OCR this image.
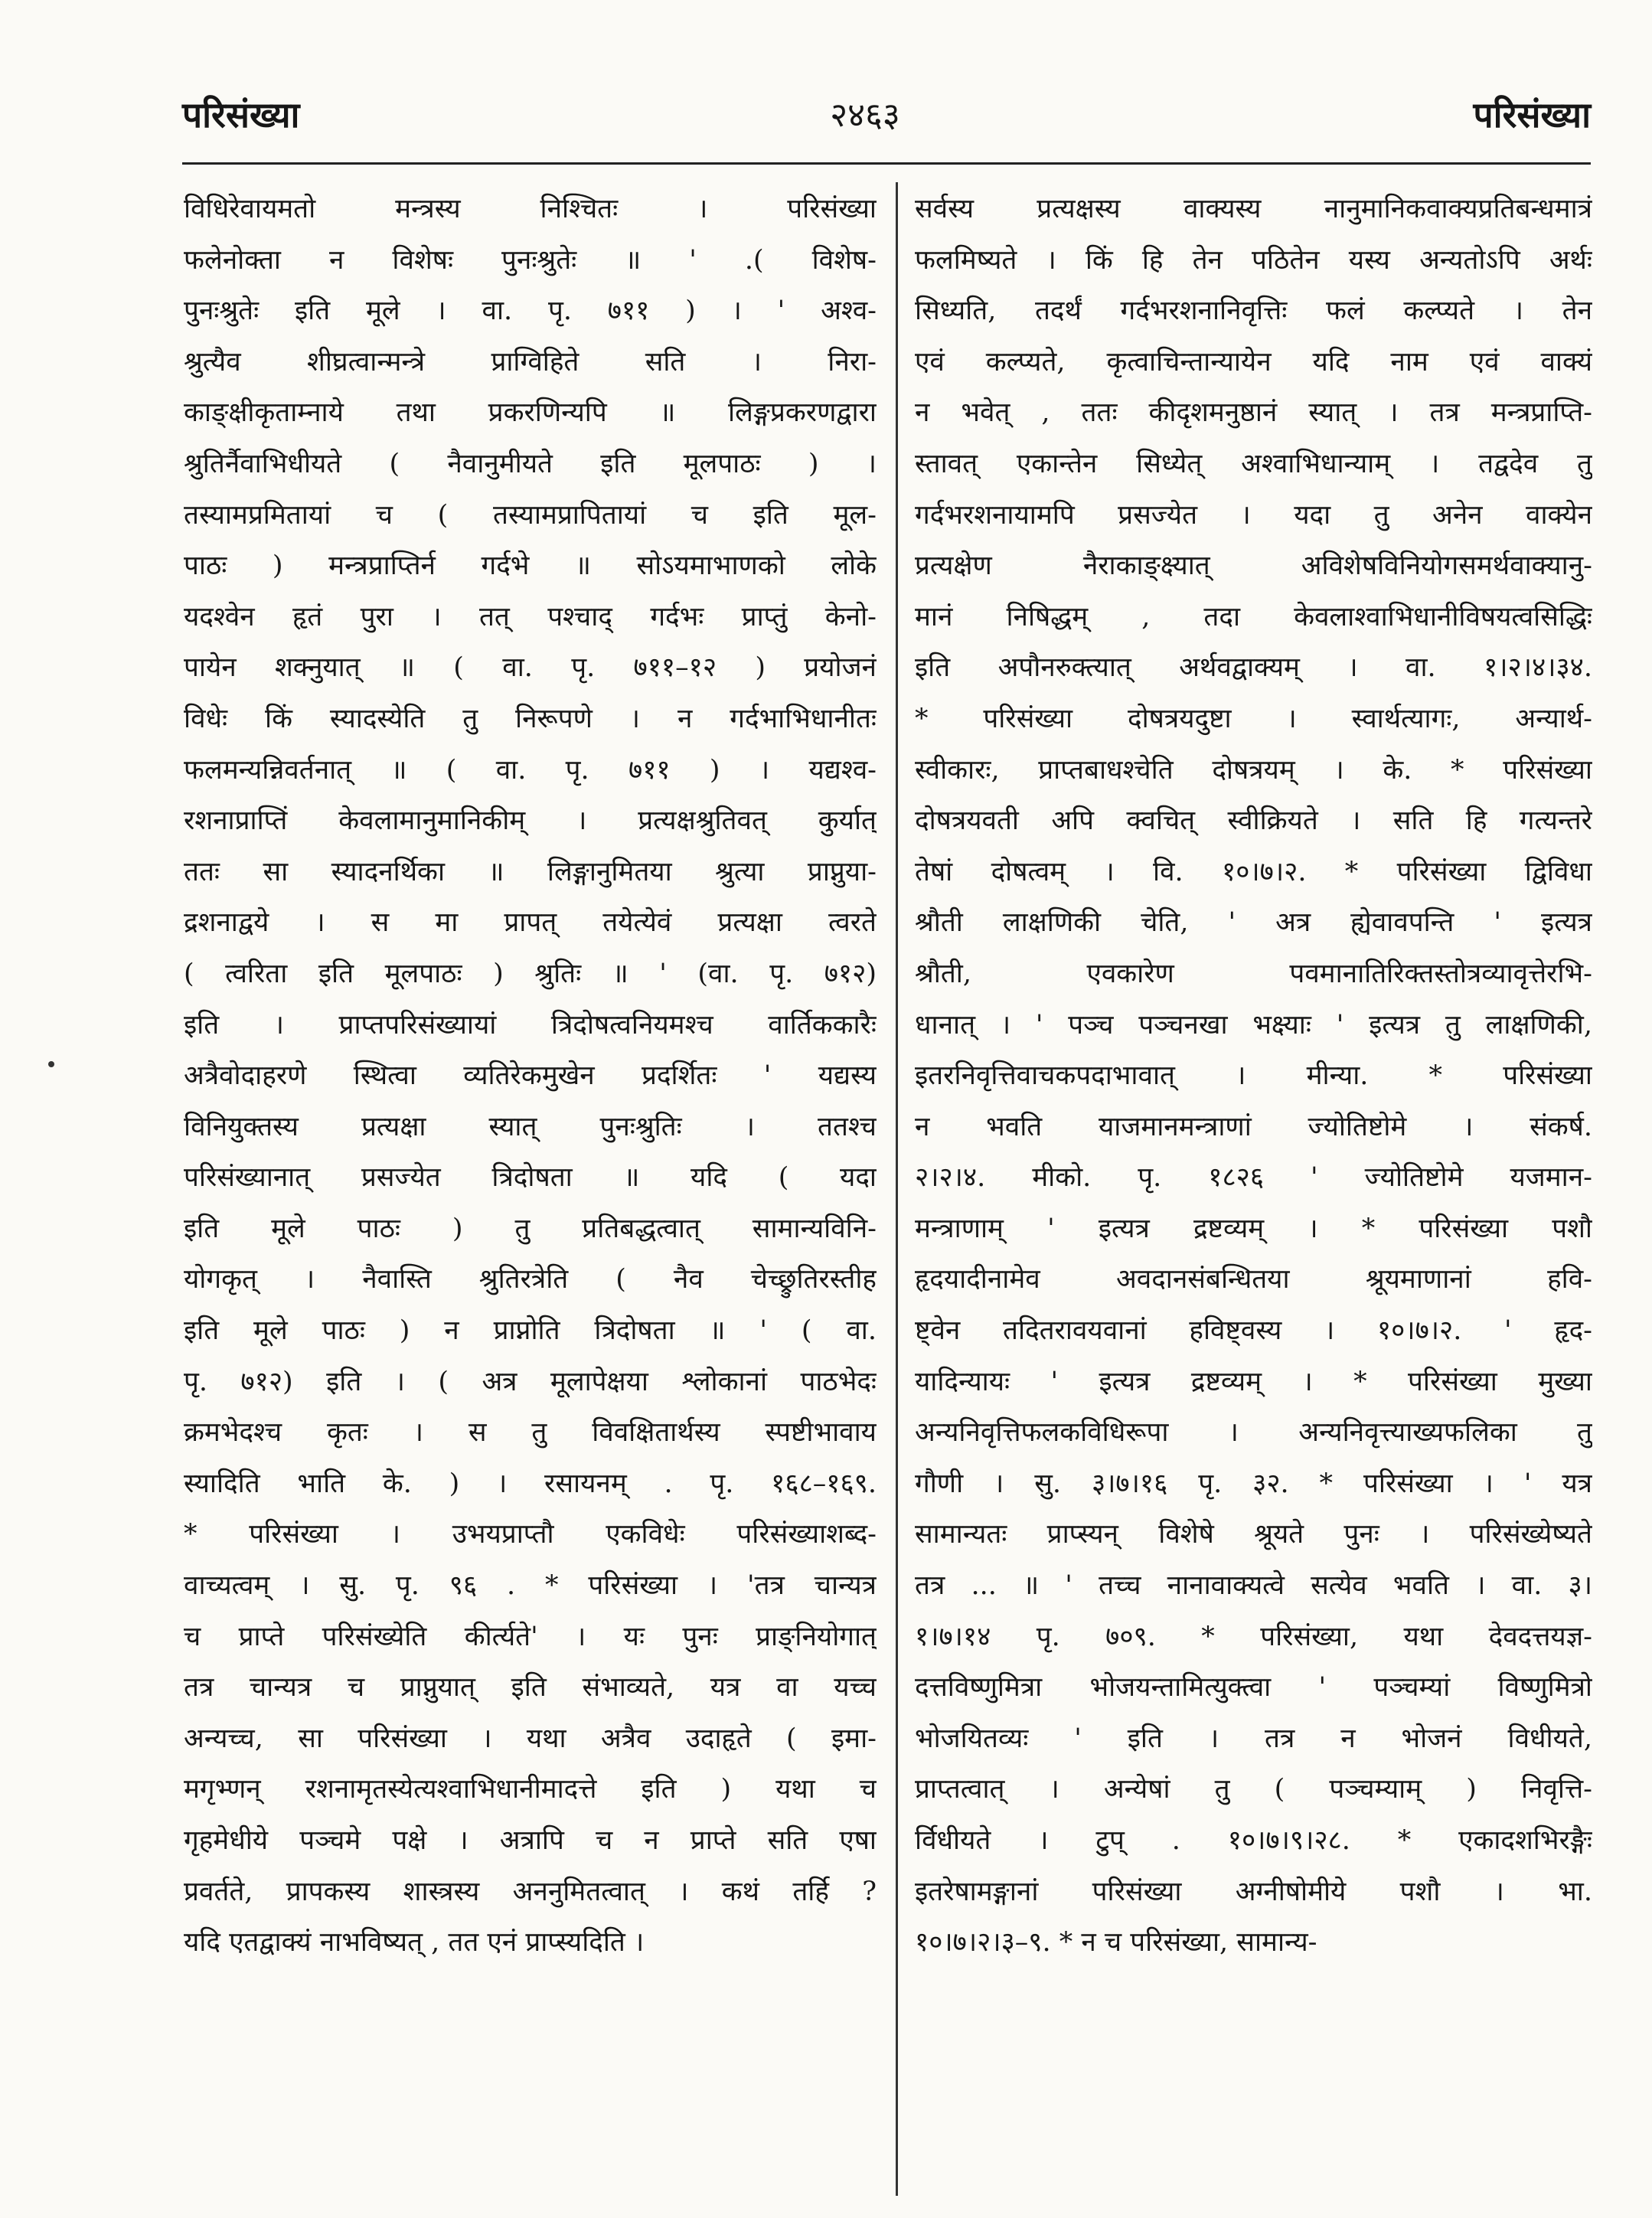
परिसंख्या	२४६३	परिसंख्या
विधिरेवायमतो मन्त्रस्य निश्चितः । परिसंख्या
फलेनोक्ता न विशेषः पुनःश्रुतेः ॥ ' .( विशेष-
पुनःश्रुतेः इति मूले । वा. पृ. ७११ ) । ' अश्व-
श्रुत्यैव शीघ्रत्वान्मन्त्रे प्राग्विहिते सति । निरा-
काङ्क्षीकृताम्नाये तथा प्रकरणिन्यपि ॥ लिङ्गप्रकरणद्वारा
श्रुतिर्नैवाभिधीयते ( नैवानुमीयते इति मूलपाठः ) ।
तस्यामप्रमितायां च ( तस्यामप्रापितायां च इति मूल-
पाठः ) मन्त्रप्राप्तिर्न गर्दभे ॥ सोऽयमाभाणको लोके
यदश्वेन हृतं पुरा । तत् पश्चाद् गर्दभः प्राप्तुं केनो-
पायेन शक्नुयात् ॥ ( वा. पृ. ७११–१२ ) प्रयोजनं
विधेः किं स्यादस्येति तु निरूपणे । न गर्दभाभिधानीतः
फलमन्यन्निवर्तनात् ॥ ( वा. पृ. ७११ ) । यद्यश्व-
रशनाप्राप्तिं केवलामानुमानिकीम् । प्रत्यक्षश्रुतिवत् कुर्यात्
ततः सा स्यादनर्थिका ॥ लिङ्गानुमितया श्रुत्या प्राप्नुया-
द्रशनाद्वये । स मा प्रापत् तयेत्येवं प्रत्यक्षा त्वरते
( त्वरिता इति मूलपाठः ) श्रुतिः ॥ ' (वा. पृ. ७१२)
इति । प्राप्तपरिसंख्यायां त्रिदोषत्वनियमश्च वार्तिककारैः
अत्रैवोदाहरणे स्थित्वा व्यतिरेकमुखेन प्रदर्शितः ' यद्यस्य
विनियुक्तस्य प्रत्यक्षा स्यात् पुनःश्रुतिः । ततश्च
परिसंख्यानात् प्रसज्येत त्रिदोषता ॥ यदि ( यदा
इति मूले पाठः ) तु प्रतिबद्धत्वात् सामान्यविनि-
योगकृत् । नैवास्ति श्रुतिरत्रेति ( नैव चेच्छ्रुतिरस्तीह
इति मूले पाठः ) न प्राप्नोति त्रिदोषता ॥ ' ( वा.
पृ. ७१२) इति । ( अत्र मूलापेक्षया श्लोकानां पाठभेदः
क्रमभेदश्च कृतः । स तु विवक्षितार्थस्य स्पष्टीभावाय
स्यादिति भाति के. ) । रसायनम् . पृ. १६८–१६९.
* परिसंख्या । उभयप्राप्तौ एकविधेः परिसंख्याशब्द-
वाच्यत्वम् । सु. पृ. ९६ . * परिसंख्या । 'तत्र चान्यत्र
च प्राप्ते परिसंख्येति कीर्त्यते' । यः पुनः प्राङ्नियोगात्
तत्र चान्यत्र च प्राप्नुयात् इति संभाव्यते, यत्र वा यच्च
अन्यच्च, सा परिसंख्या । यथा अत्रैव उदाहृते ( इमा-
मगृभ्णन् रशनामृतस्येत्यश्वाभिधानीमादत्ते इति ) यथा च
गृहमेधीये पञ्चमे पक्षे । अत्रापि च न प्राप्ते सति एषा
प्रवर्तते, प्रापकस्य शास्त्रस्य अननुमितत्वात् । कथं तर्हि ?
यदि एतद्वाक्यं नाभविष्यत् , तत एनं प्राप्स्यदिति ।
सर्वस्य प्रत्यक्षस्य वाक्यस्य नानुमानिकवाक्यप्रतिबन्धमात्रं
फलमिष्यते । किं हि तेन पठितेन यस्य अन्यतोऽपि अर्थः
सिध्यति, तदर्थं गर्दभरशनानिवृत्तिः फलं कल्प्यते । तेन
एवं कल्प्यते, कृत्वाचिन्तान्यायेन यदि नाम एवं वाक्यं
न भवेत् , ततः कीदृशमनुष्ठानं स्यात् । तत्र मन्त्रप्राप्ति-
स्तावत् एकान्तेन सिध्येत् अश्वाभिधान्याम् । तद्वदेव तु
गर्दभरशनायामपि प्रसज्येत । यदा तु अनेन वाक्येन
प्रत्यक्षेण नैराकाङ्क्ष्यात् अविशेषविनियोगसमर्थवाक्यानु-
मानं निषिद्धम् , तदा केवलाश्वाभिधानीविषयत्वसिद्धिः
इति अपौनरुक्त्यात् अर्थवद्वाक्यम् । वा. १।२।४।३४.
* परिसंख्या दोषत्रयदुष्टा । स्वार्थत्यागः, अन्यार्थ-
स्वीकारः, प्राप्तबाधश्चेति दोषत्रयम् । के. * परिसंख्या
दोषत्रयवती अपि क्वचित् स्वीक्रियते । सति हि गत्यन्तरे
तेषां दोषत्वम् । वि. १०।७।२. * परिसंख्या द्विविधा
श्रौती लाक्षणिकी चेति, ' अत्र ह्येवावपन्ति ' इत्यत्र
श्रौती, एवकारेण पवमानातिरिक्तस्तोत्रव्यावृत्तेरभि-
धानात् । ' पञ्च पञ्चनखा भक्ष्याः ' इत्यत्र तु लाक्षणिकी,
इतरनिवृत्तिवाचकपदाभावात् । मीन्या. * परिसंख्या
न भवति याजमानमन्त्राणां ज्योतिष्टोमे । संकर्ष.
२।२।४. मीको. पृ. १८२६ ' ज्योतिष्टोमे यजमान-
मन्त्राणाम् ' इत्यत्र द्रष्टव्यम् । * परिसंख्या पशौ
हृदयादीनामेव अवदानसंबन्धितया श्रूयमाणानां हवि-
ष्ट्वेन तदितरावयवानां हविष्ट्वस्य । १०।७।२. ' हृद-
यादिन्यायः ' इत्यत्र द्रष्टव्यम् । * परिसंख्या मुख्या
अन्यनिवृत्तिफलकविधिरूपा । अन्यनिवृत्त्याख्यफलिका तु
गौणी । सु. ३।७।१६ पृ. ३२. * परिसंख्या । ' यत्र
सामान्यतः प्राप्स्यन् विशेषे श्रूयते पुनः । परिसंख्येष्यते
तत्र ... ॥ ' तच्च नानावाक्यत्वे सत्येव भवति । वा. ३।
१।७।१४ पृ. ७०९. * परिसंख्या, यथा देवदत्तयज्ञ-
दत्तविष्णुमित्रा भोजयन्तामित्युक्त्वा ' पञ्चम्यां विष्णुमित्रो
भोजयितव्यः ' इति । तत्र न भोजनं विधीयते,
प्राप्तत्वात् । अन्येषां तु ( पञ्चम्याम् ) निवृत्ति-
र्विधीयते । टुप् . १०।७।९।२८. * एकादशभिरङ्गैः
इतरेषामङ्गानां परिसंख्या अग्नीषोमीये पशौ । भा.
१०।७।२।३–९. * न च परिसंख्या, सामान्य-
